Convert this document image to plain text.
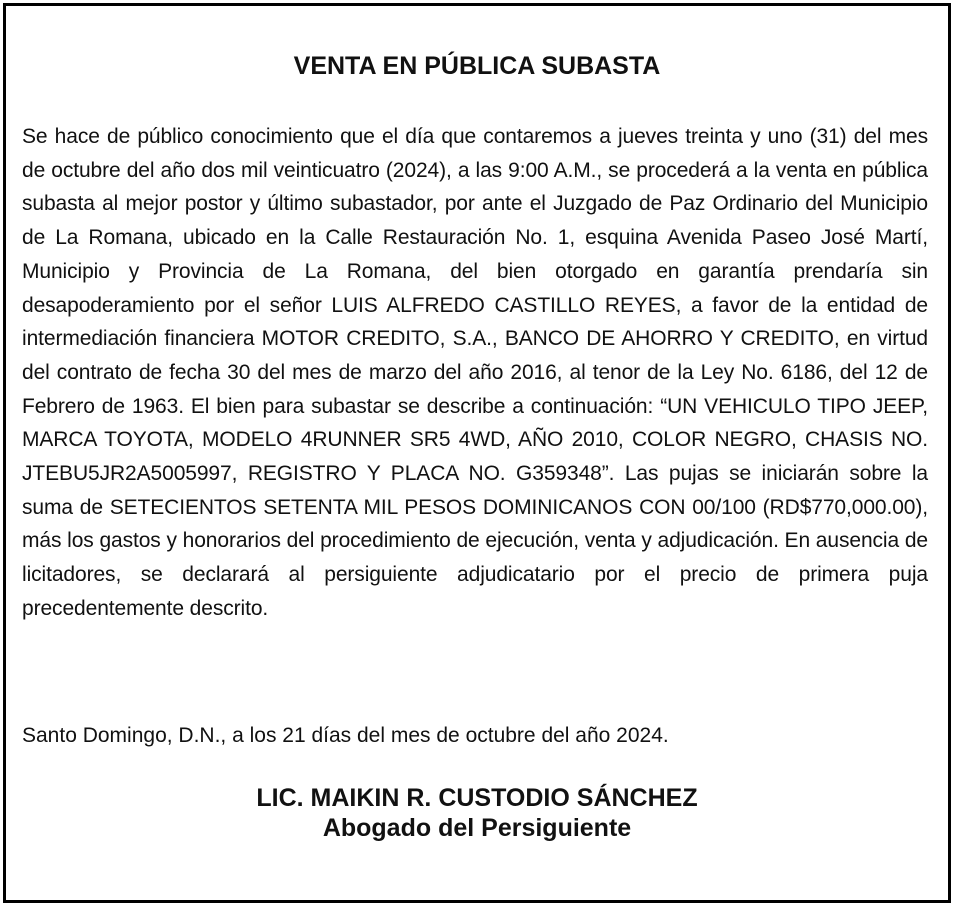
VENTA EN PÚBLICA SUBASTA

Se hace de público conocimiento que el día que contaremos a jueves treinta y uno (31) del mes de octubre del año dos mil veinticuatro (2024), a las 9:00 A.M., se procederá a la venta en pública subasta al mejor postor y último subastador, por ante el Juzgado de Paz Ordinario del Municipio de La Romana, ubicado en la Calle Restauración No. 1, esquina Avenida Paseo José Martí, Municipio y Provincia de La Romana, del bien otorgado en garantía prendaría sin desapoderamiento por el señor LUIS ALFREDO CASTILLO REYES, a favor de la entidad de intermediación financiera MOTOR CREDITO, S.A., BANCO DE AHORRO Y CREDITO, en virtud del contrato de fecha 30 del mes de marzo del año 2016, al tenor de la Ley No. 6186, del 12 de Febrero de 1963. El bien para subastar se describe a continuación: “UN VEHICULO TIPO JEEP, MARCA TOYOTA, MODELO 4RUNNER SR5 4WD, AÑO 2010, COLOR NEGRO, CHASIS NO. JTEBU5JR2A5005997, REGISTRO Y PLACA NO. G359348”. Las pujas se iniciarán sobre la suma de SETECIENTOS SETENTA MIL PESOS DOMINICANOS CON 00/100 (RD$770,000.00), más los gastos y honorarios del procedimiento de ejecución, venta y adjudicación. En ausencia de licitadores, se declarará al persiguiente adjudicatario por el precio de primera puja precedentemente descrito.

Santo Domingo, D.N., a los 21 días del mes de octubre del año 2024.

LIC. MAIKIN R. CUSTODIO SÁNCHEZ
Abogado del Persiguiente
